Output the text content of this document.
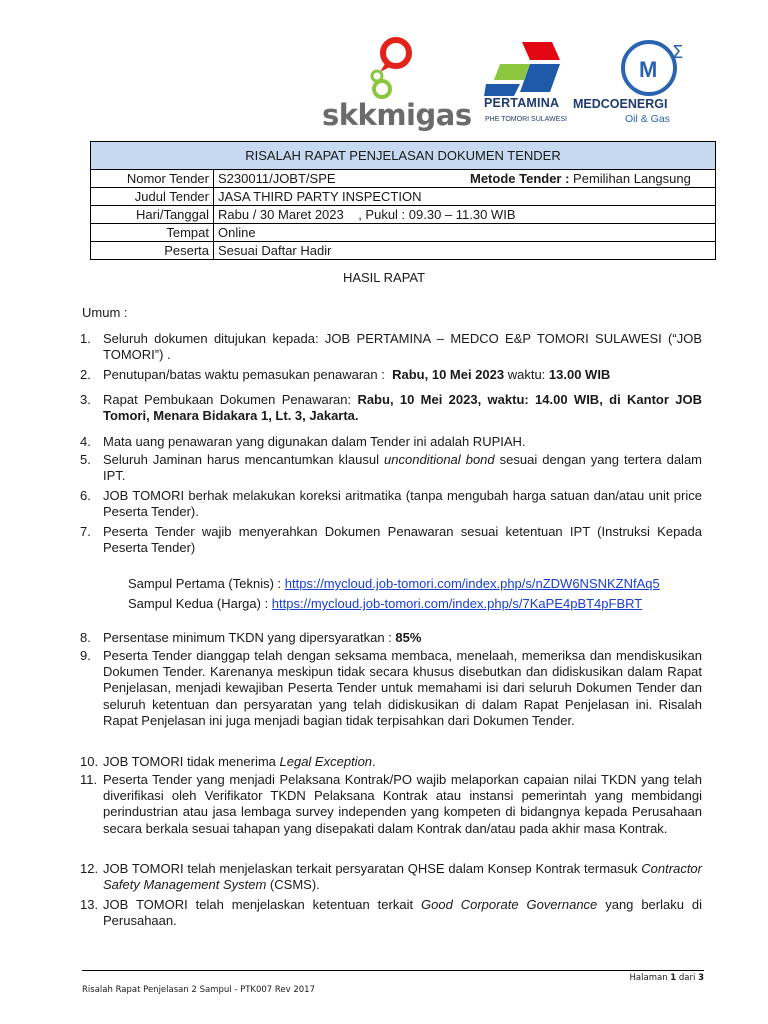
skkmigas PERTAMINA
PHE TOMORI SULAWESI
M
Σ
MEDCOENERGI
Oil & Gas
RISALAH RAPAT PENJELASAN DOKUMEN TENDER	
Nomor Tender	S230011/JOBT/SPE Metode Tender : Pemilihan Langsung

Judul Tender	JASA THIRD PARTY INSPECTION
Hari/Tanggal	Rabu / 30 Maret 2023    , Pukul : 09.30 – 11.30 WIB
Tempat	Online
Peserta	Sesuai Daftar Hadir
HASIL RAPAT
Umum :
1. Seluruh dokumen ditujukan kepada: JOB PERTAMINA – MEDCO E&P TOMORI SULAWESI (“JOB TOMORI”) .
2. Penutupan/batas waktu pemasukan penawaran : Rabu, 10 Mei 2023 waktu: 13.00 WIB
3. Rapat Pembukaan Dokumen Penawaran: Rabu, 10 Mei 2023, waktu: 14.00 WIB, di Kantor JOB Tomori, Menara Bidakara 1, Lt. 3, Jakarta.
4. Mata uang penawaran yang digunakan dalam Tender ini adalah RUPIAH.
5. Seluruh Jaminan harus mencantumkan klausul unconditional bond sesuai dengan yang tertera dalam IPT.
6. JOB TOMORI berhak melakukan koreksi aritmatika (tanpa mengubah harga satuan dan/atau unit price Peserta Tender).
7. Peserta Tender wajib menyerahkan Dokumen Penawaran sesuai ketentuan IPT (Instruksi Kepada Peserta Tender)
Sampul Pertama (Teknis) : https://mycloud.job-tomori.com/index.php/s/nZDW6NSNKZNfAq5
Sampul Kedua (Harga) : https://mycloud.job-tomori.com/index.php/s/7KaPE4pBT4pFBRT
8. Persentase minimum TKDN yang dipersyaratkan : 85%
9. Peserta Tender dianggap telah dengan seksama membaca, menelaah, memeriksa dan mendiskusikan Dokumen Tender. Karenanya meskipun tidak secara khusus disebutkan dan didiskusikan dalam Rapat Penjelasan, menjadi kewajiban Peserta Tender untuk memahami isi dari seluruh Dokumen Tender dan seluruh ketentuan dan persyaratan yang telah didiskusikan di dalam Rapat Penjelasan ini. Risalah Rapat Penjelasan ini juga menjadi bagian tidak terpisahkan dari Dokumen Tender.
10. JOB TOMORI tidak menerima Legal Exception.
11. Peserta Tender yang menjadi Pelaksana Kontrak/PO wajib melaporkan capaian nilai TKDN yang telah diverifikasi oleh Verifikator TKDN Pelaksana Kontrak atau instansi pemerintah yang membidangi perindustrian atau jasa lembaga survey independen yang kompeten di bidangnya kepada Perusahaan secara berkala sesuai tahapan yang disepakati dalam Kontrak dan/atau pada akhir masa Kontrak.
12. JOB TOMORI telah menjelaskan terkait persyaratan QHSE dalam Konsep Kontrak termasuk Contractor Safety Management System (CSMS).
13. JOB TOMORI telah menjelaskan ketentuan terkait Good Corporate Governance yang berlaku di Perusahaan.
Halaman 1 dari 3
Risalah Rapat Penjelasan 2 Sampul - PTK007 Rev 2017
